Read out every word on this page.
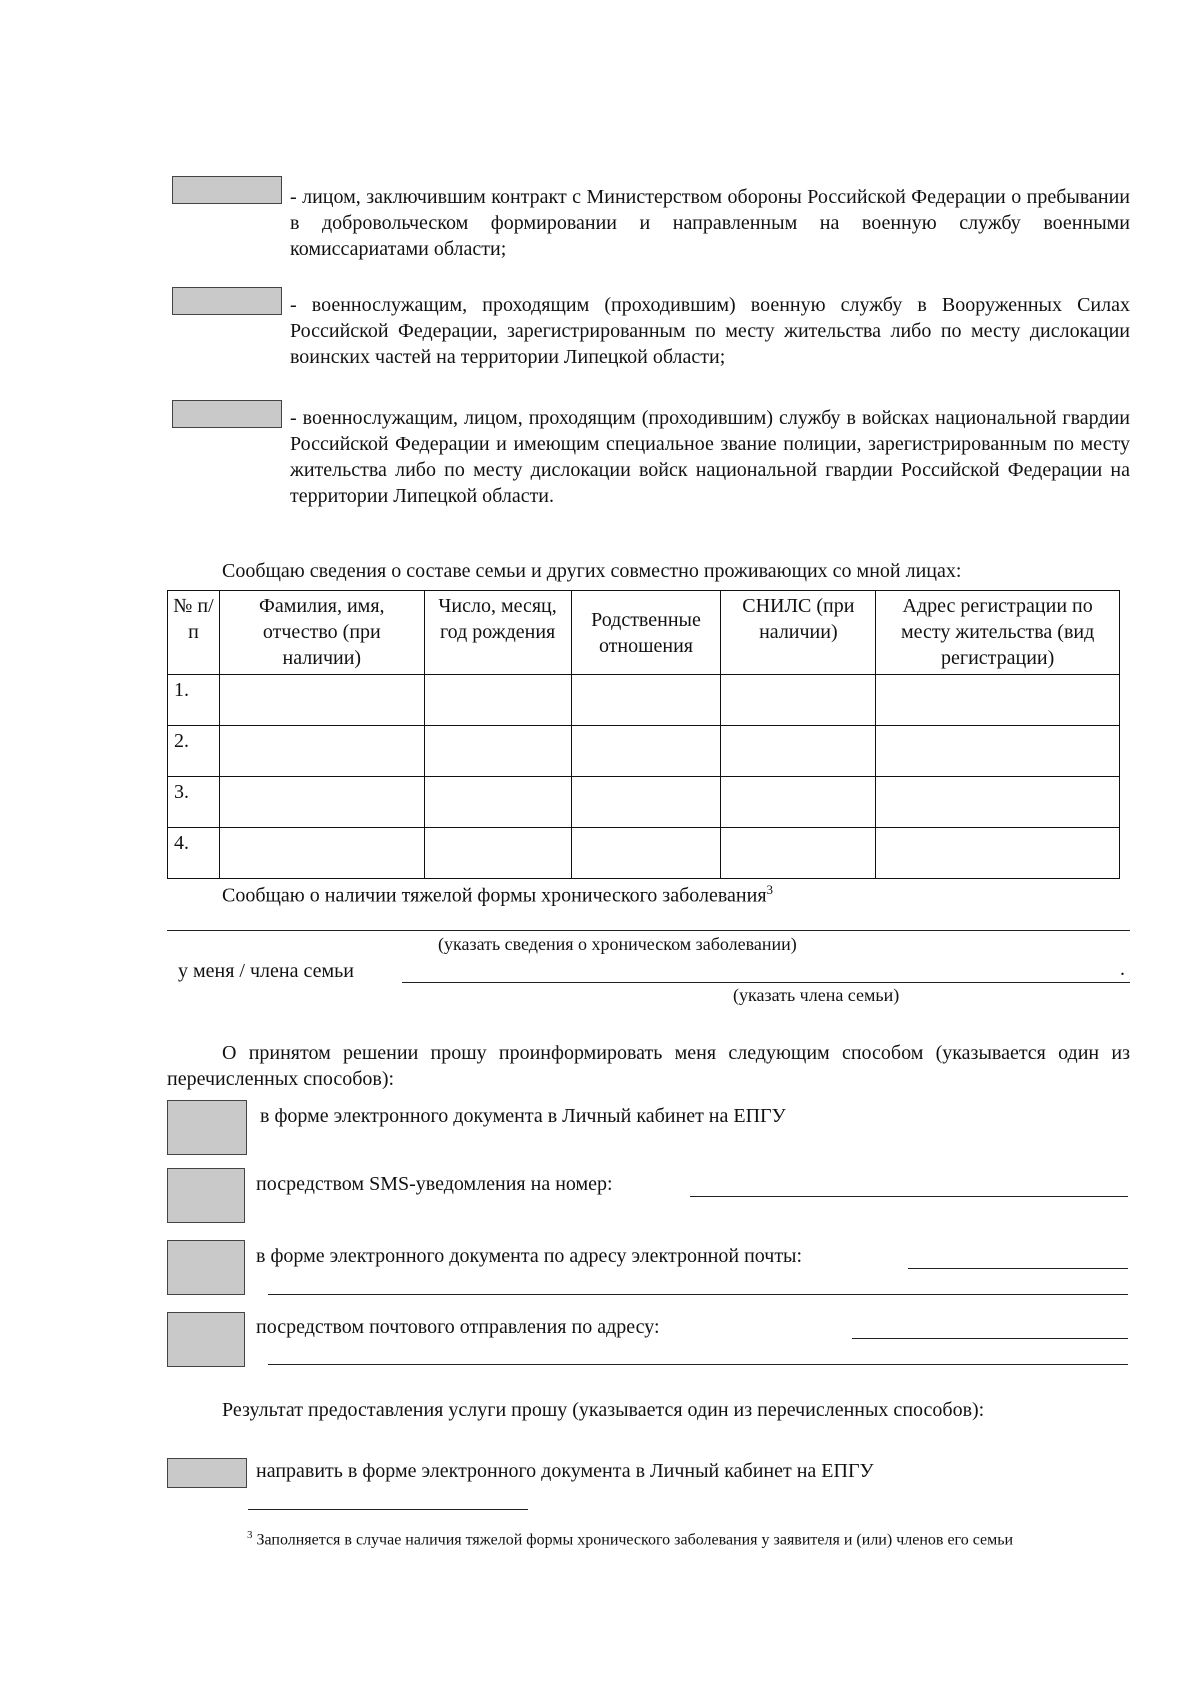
- лицом, заключившим контракт с Министерством обороны Российской Федерации о пребывании в добровольческом формировании и направленным на военную службу военными комиссариатами области;

- военнослужащим, проходящим (проходившим) военную службу в Вооруженных Силах Российской Федерации, зарегистрированным по месту жительства либо по месту дислокации воинских частей на территории Липецкой области;

- военнослужащим, лицом, проходящим (проходившим) службу в войсках национальной гвардии Российской Федерации и имеющим специальное звание полиции, зарегистрированным по месту жительства либо по месту дислокации войск национальной гвардии Российской Федерации на территории Липецкой области.

Сообщаю сведения о составе семьи и других совместно проживающих со мной лицах:
№ п/п	Фамилия, имя, отчество (при наличии)	Число, месяц, год рождения	Родственные отношения	СНИЛС (при наличии)	Адрес регистрации по месту жительства (вид регистрации)
1.					
2.					
3.					
4.					
Сообщаю о наличии тяжелой формы хронического заболевания$^3$
(указать сведения о хроническом заболевании)
у меня / члена семьи	.
(указать члена семьи)

О принятом решении прошу проинформировать меня следующим способом (указывается один из перечисленных способов):

в форме электронного документа в Личный кабинет на ЕПГУ
посредством SMS-уведомления на номер:
в форме электронного документа по адресу электронной почты:
посредством почтового отправления по адресу:

Результат предоставления услуги прошу (указывается один из перечисленных способов):

направить в форме электронного документа в Личный кабинет на ЕПГУ

$^3$ Заполняется в случае наличия тяжелой формы хронического заболевания у заявителя и (или) членов его семьи
